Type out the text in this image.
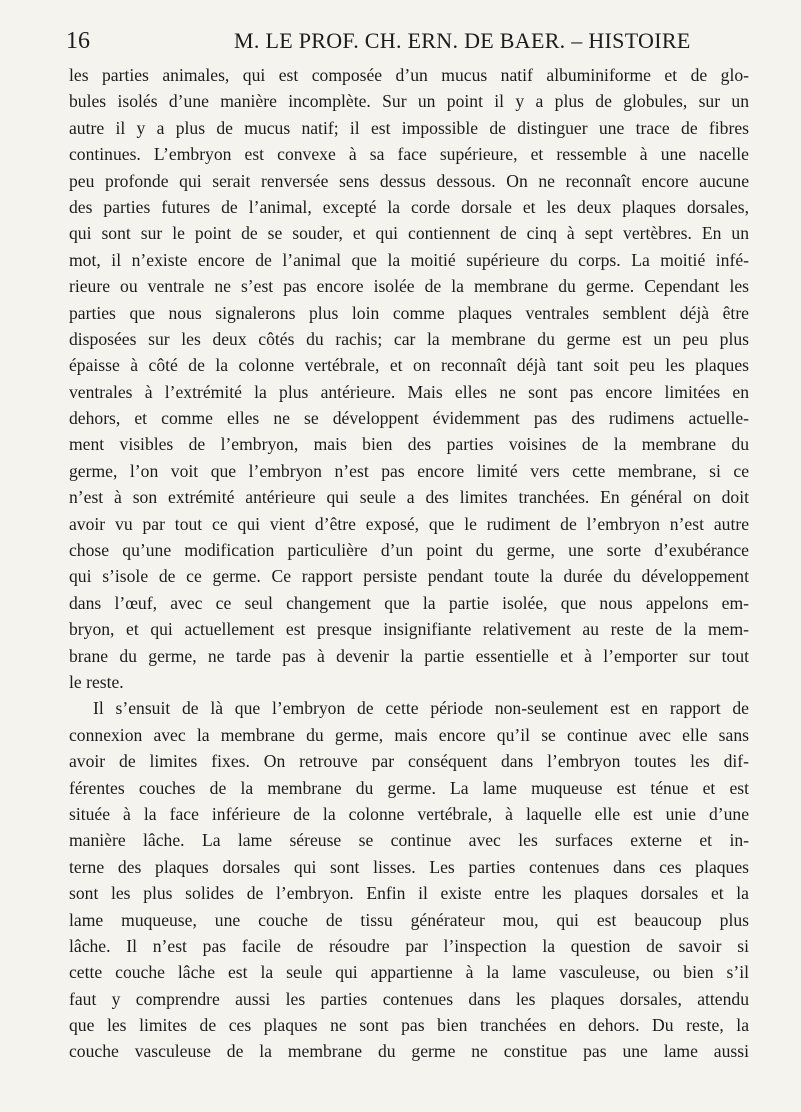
16	M. LE PROF. CH. ERN. DE BAER. – HISTOIRE
les parties animales, qui est composée d’un mucus natif albuminiforme et de glo-
bules isolés d’une manière incomplète. Sur un point il y a plus de globules, sur un
autre il y a plus de mucus natif; il est impossible de distinguer une trace de fibres
continues. L’embryon est convexe à sa face supérieure, et ressemble à une nacelle
peu profonde qui serait renversée sens dessus dessous. On ne reconnaît encore aucune
des parties futures de l’animal, excepté la corde dorsale et les deux plaques dorsales,
qui sont sur le point de se souder, et qui contiennent de cinq à sept vertèbres. En un
mot, il n’existe encore de l’animal que la moitié supérieure du corps. La moitié infé-
rieure ou ventrale ne s’est pas encore isolée de la membrane du germe. Cependant les
parties que nous signalerons plus loin comme plaques ventrales semblent déjà être
disposées sur les deux côtés du rachis; car la membrane du germe est un peu plus
épaisse à côté de la colonne vertébrale, et on reconnaît déjà tant soit peu les plaques
ventrales à l’extrémité la plus antérieure. Mais elles ne sont pas encore limitées en
dehors, et comme elles ne se développent évidemment pas des rudimens actuelle-
ment visibles de l’embryon, mais bien des parties voisines de la membrane du
germe, l’on voit que l’embryon n’est pas encore limité vers cette membrane, si ce
n’est à son extrémité antérieure qui seule a des limites tranchées. En général on doit
avoir vu par tout ce qui vient d’être exposé, que le rudiment de l’embryon n’est autre
chose qu’une modification particulière d’un point du germe, une sorte d’exubérance
qui s’isole de ce germe. Ce rapport persiste pendant toute la durée du développement
dans l’œuf, avec ce seul changement que la partie isolée, que nous appelons em-
bryon, et qui actuellement est presque insignifiante relativement au reste de la mem-
brane du germe, ne tarde pas à devenir la partie essentielle et à l’emporter sur tout
le reste.
Il s’ensuit de là que l’embryon de cette période non-seulement est en rapport de
connexion avec la membrane du germe, mais encore qu’il se continue avec elle sans
avoir de limites fixes. On retrouve par conséquent dans l’embryon toutes les dif-
férentes couches de la membrane du germe. La lame muqueuse est ténue et est
située à la face inférieure de la colonne vertébrale, à laquelle elle est unie d’une
manière lâche. La lame séreuse se continue avec les surfaces externe et in-
terne des plaques dorsales qui sont lisses. Les parties contenues dans ces plaques
sont les plus solides de l’embryon. Enfin il existe entre les plaques dorsales et la
lame muqueuse, une couche de tissu générateur mou, qui est beaucoup plus
lâche. Il n’est pas facile de résoudre par l’inspection la question de savoir si
cette couche lâche est la seule qui appartienne à la lame vasculeuse, ou bien s’il
faut y comprendre aussi les parties contenues dans les plaques dorsales, attendu
que les limites de ces plaques ne sont pas bien tranchées en dehors. Du reste, la
couche vasculeuse de la membrane du germe ne constitue pas une lame aussi
